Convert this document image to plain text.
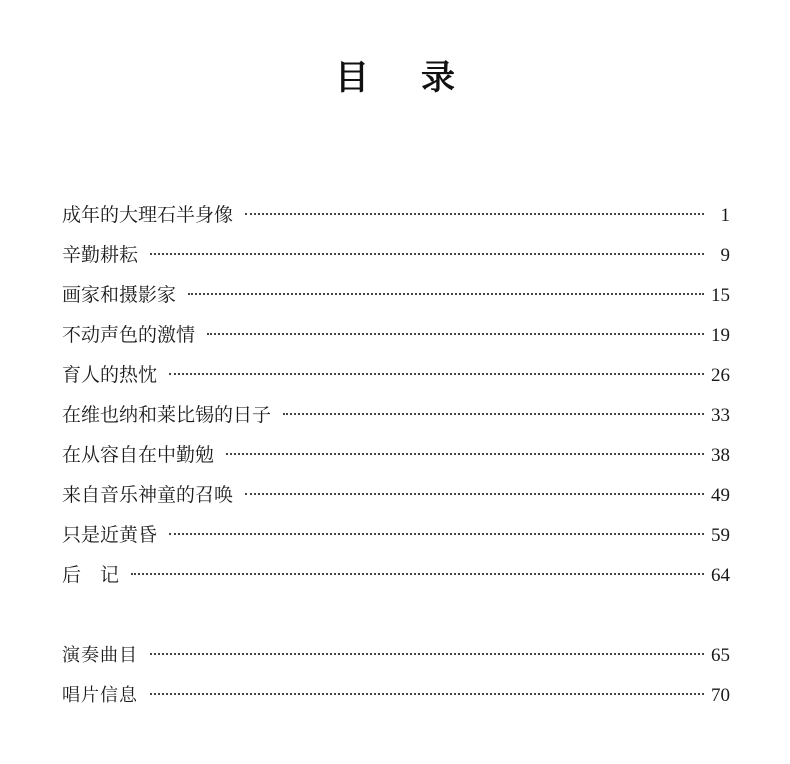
目 录
成年的大理石半身像	1
辛勤耕耘	9
画家和摄影家	15
不动声色的激情	19
育人的热忱	26
在维也纳和莱比锡的日子	33
在从容自在中勤勉	38
来自音乐神童的召唤	49
只是近黄昏	59
后　记	64
演奏曲目	65
唱片信息	70
